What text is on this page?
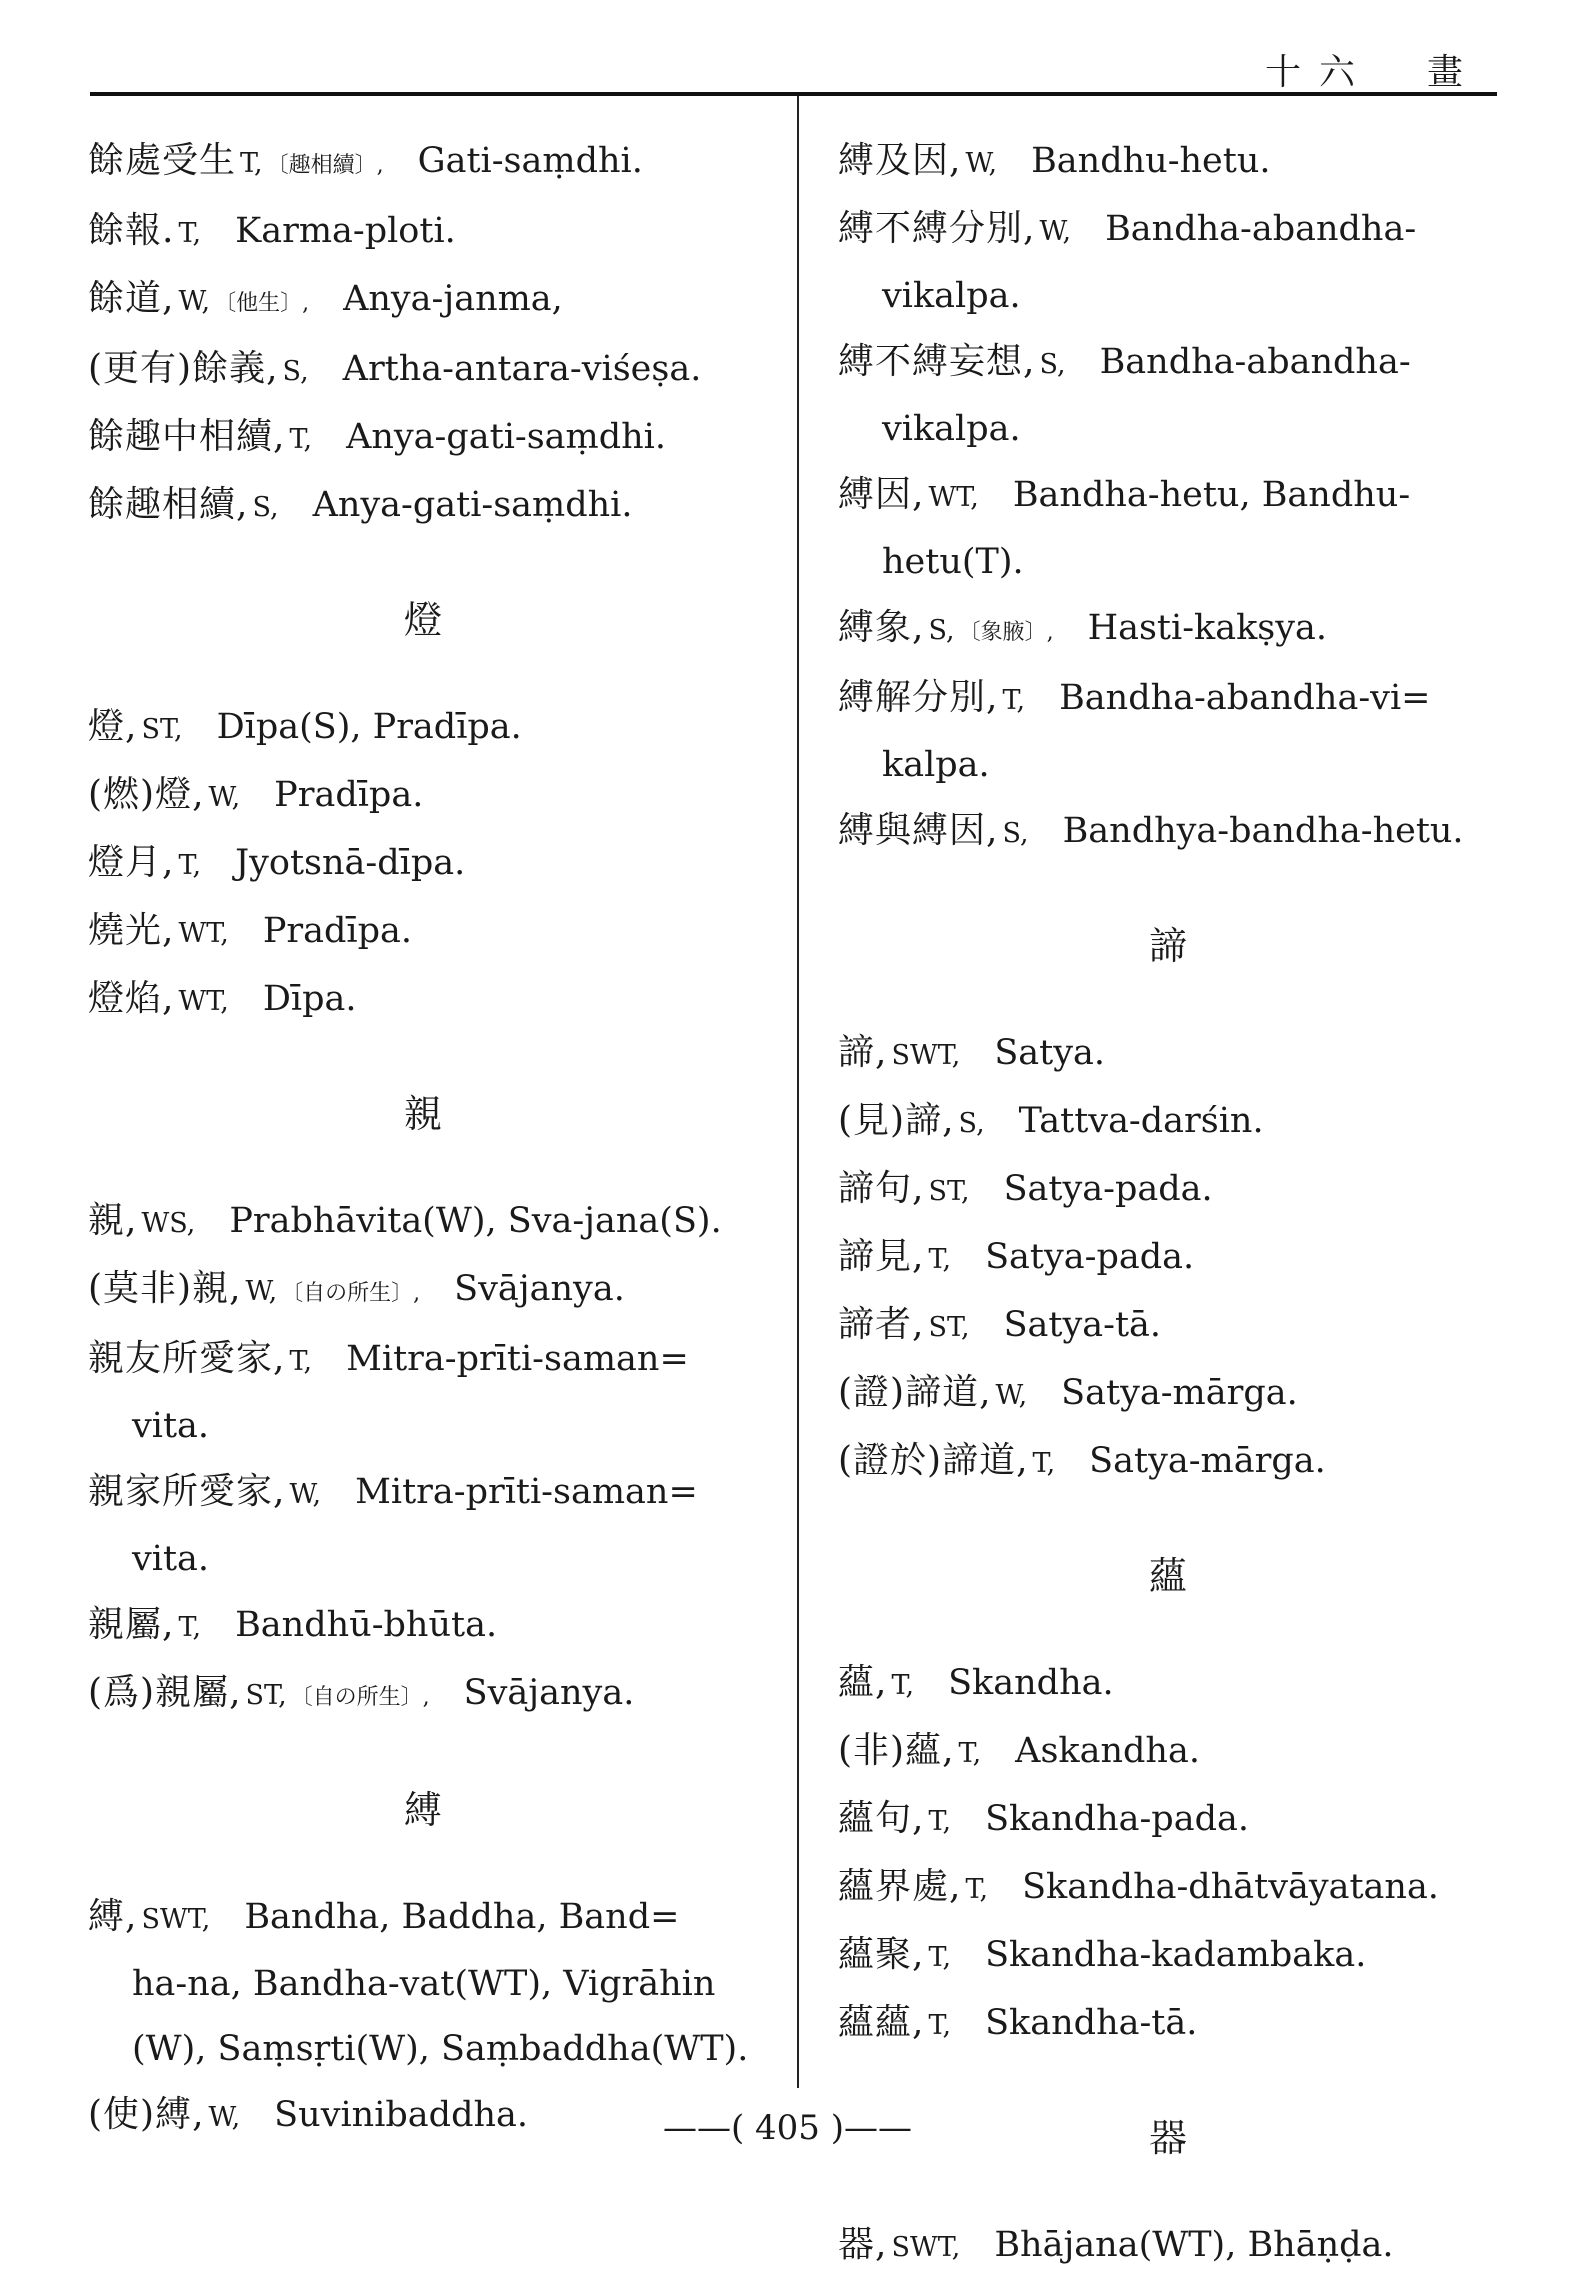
十六　畫
餘處受生 T, 〔趣相續〕, Gati-saṃdhi.
餘報. T, Karma-ploti.
餘道, W, 〔他生〕, Anya-janma,
(更有)餘義, S, Artha-antara-viśeṣa.
餘趣中相續, T, Anya-gati-saṃdhi.
餘趣相續, S, Anya-gati-saṃdhi.
燈
燈, ST, Dīpa(S), Pradīpa.
(燃)燈, W, Pradīpa.
燈月, T, Jyotsnā-dīpa.
燒光, WT, Pradīpa.
燈焰, WT, Dīpa.
親
親, WS, Prabhāvita(W), Sva-jana(S).
(莫非)親, W, 〔自の所生〕, Svājanya.
親友所愛家, T, Mitra-prīti-saman=
vita.
親家所愛家, W, Mitra-prīti-saman=
vita.
親屬, T, Bandhū-bhūta.
(爲)親屬, ST, 〔自の所生〕, Svājanya.
縛
縛, SWT, Bandha, Baddha, Band=
ha-na, Bandha-vat(WT), Vigrāhin
(W), Saṃsṛti(W), Saṃbaddha(WT).
(使)縛, W, Suvinibaddha.
縛及因, W, Bandhu-hetu.
縛不縛分別, W, Bandha-abandha-
vikalpa.
縛不縛妄想, S, Bandha-abandha-
vikalpa.
縛因, WT, Bandha-hetu, Bandhu-
hetu(T).
縛象, S, 〔象腋〕, Hasti-kakṣya.
縛解分別, T, Bandha-abandha-vi=
kalpa.
縛與縛因, S, Bandhya-bandha-hetu.
諦
諦, SWT, Satya.
(見)諦, S, Tattva-darśin.
諦句, ST, Satya-pada.
諦見, T, Satya-pada.
諦者, ST, Satya-tā.
(證)諦道, W, Satya-mārga.
(證於)諦道, T, Satya-mārga.
蘊
蘊, T, Skandha.
(非)蘊, T, Askandha.
蘊句, T, Skandha-pada.
蘊界處, T, Skandha-dhātvāyatana.
蘊聚, T, Skandha-kadambaka.
蘊蘊, T, Skandha-tā.
器
器, SWT, Bhājana(WT), Bhāṇḍa.
——( 405 )——
